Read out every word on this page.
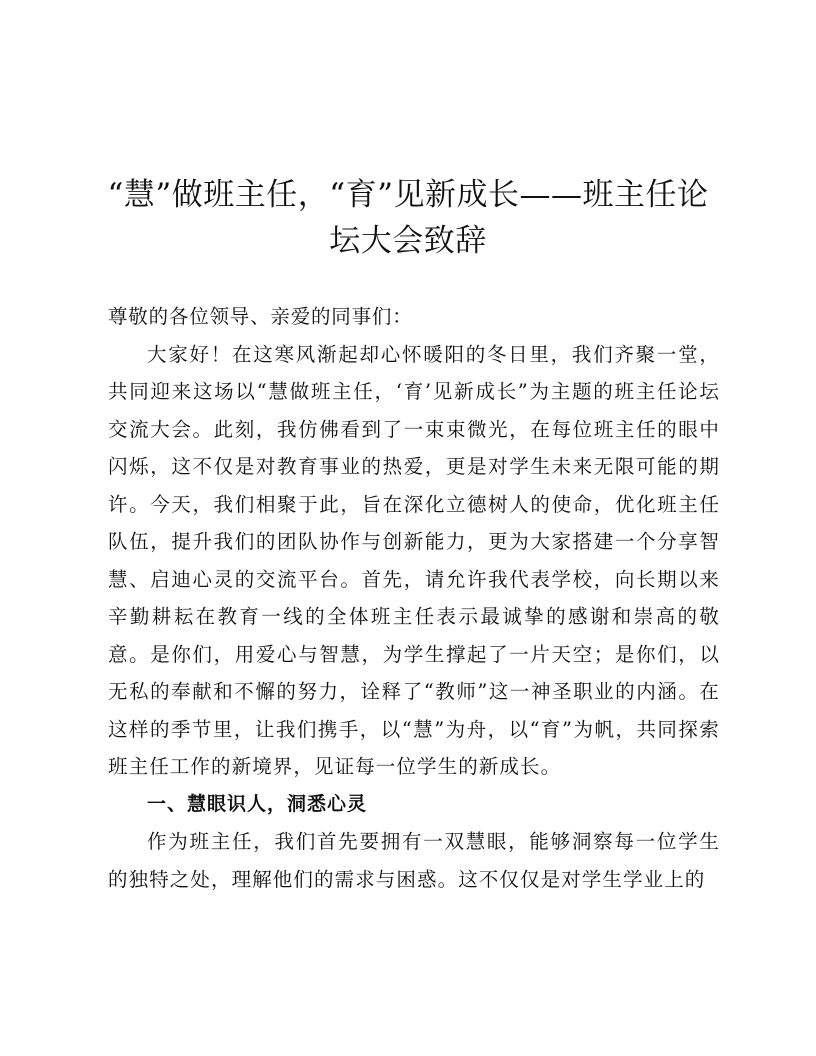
“慧”做班主任，“育”见新成长——班主任论
坛大会致辞

尊敬的各位领导、亲爱的同事们：

大家好！在这寒风渐起却心怀暖阳的冬日里，我们齐聚一堂，共同迎来这场以“慧做班主任，‘育’见新成长”为主题的班主任论坛交流大会。此刻，我仿佛看到了一束束微光，在每位班主任的眼中闪烁，这不仅是对教育事业的热爱，更是对学生未来无限可能的期许。今天，我们相聚于此，旨在深化立德树人的使命，优化班主任队伍，提升我们的团队协作与创新能力，更为大家搭建一个分享智慧、启迪心灵的交流平台。首先，请允许我代表学校，向长期以来辛勤耕耘在教育一线的全体班主任表示最诚挚的感谢和崇高的敬意。是你们，用爱心与智慧，为学生撑起了一片天空；是你们，以无私的奉献和不懈的努力，诠释了“教师”这一神圣职业的内涵。在这样的季节里，让我们携手，以“慧”为舟，以“育”为帆，共同探索班主任工作的新境界，见证每一位学生的新成长。

一、慧眼识人，洞悉心灵

作为班主任，我们首先要拥有一双慧眼，能够洞察每一位学生的独特之处，理解他们的需求与困惑。这不仅仅是对学生学业上的
